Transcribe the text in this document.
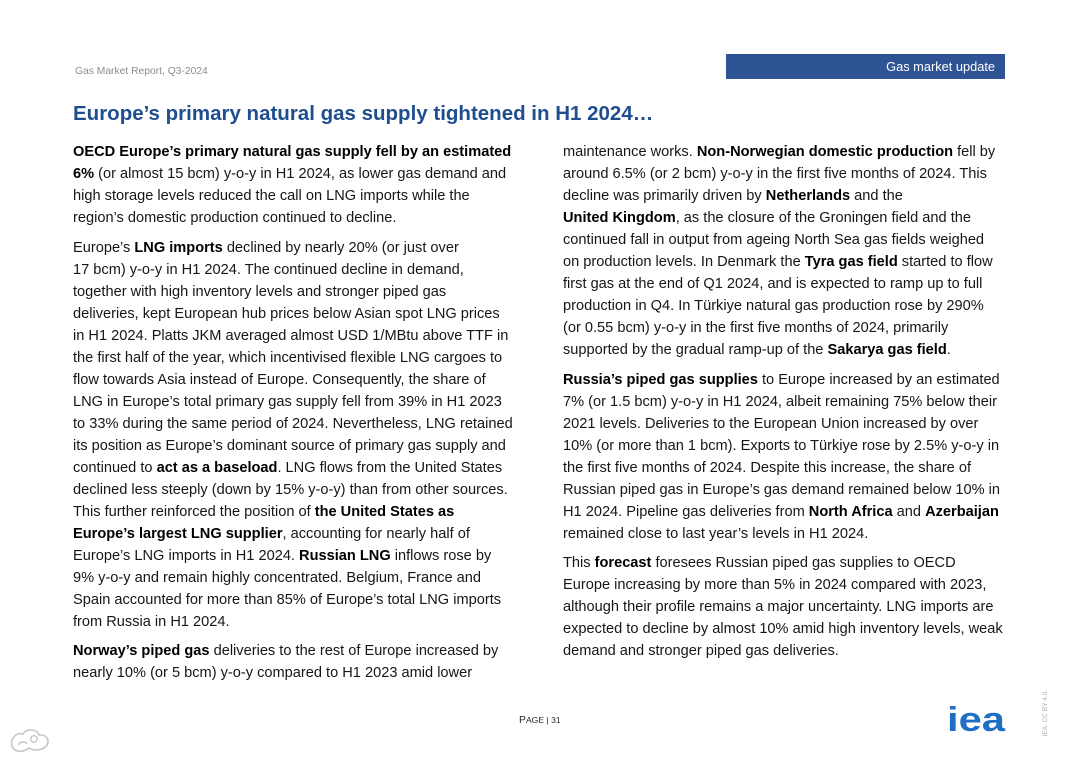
Gas Market Report, Q3-2024	Gas market update
Europe’s primary natural gas supply tightened in H1 2024…

OECD Europe’s primary natural gas supply fell by an estimated
6% (or almost 15 bcm) y-o-y in H1 2024, as lower gas demand and
high storage levels reduced the call on LNG imports while the
region’s domestic production continued to decline.

Europe’s LNG imports declined by nearly 20% (or just over
17 bcm) y-o-y in H1 2024. The continued decline in demand,
together with high inventory levels and stronger piped gas
deliveries, kept European hub prices below Asian spot LNG prices
in H1 2024. Platts JKM averaged almost USD 1/MBtu above TTF in
the first half of the year, which incentivised flexible LNG cargoes to
flow towards Asia instead of Europe. Consequently, the share of
LNG in Europe’s total primary gas supply fell from 39% in H1 2023
to 33% during the same period of 2024. Nevertheless, LNG retained
its position as Europe’s dominant source of primary gas supply and
continued to act as a baseload. LNG flows from the United States
declined less steeply (down by 15% y-o-y) than from other sources.
This further reinforced the position of the United States as
Europe’s largest LNG supplier, accounting for nearly half of
Europe’s LNG imports in H1 2024. Russian LNG inflows rose by
9% y-o-y and remain highly concentrated. Belgium, France and
Spain accounted for more than 85% of Europe’s total LNG imports
from Russia in H1 2024.

Norway’s piped gas deliveries to the rest of Europe increased by
nearly 10% (or 5 bcm) y-o-y compared to H1 2023 amid lower

maintenance works. Non-Norwegian domestic production fell by
around 6.5% (or 2 bcm) y-o-y in the first five months of 2024. This
decline was primarily driven by Netherlands and the
United Kingdom, as the closure of the Groningen field and the
continued fall in output from ageing North Sea gas fields weighed
on production levels. In Denmark the Tyra gas field started to flow
first gas at the end of Q1 2024, and is expected to ramp up to full
production in Q4. In Türkiye natural gas production rose by 290%
(or 0.55 bcm) y-o-y in the first five months of 2024, primarily
supported by the gradual ramp-up of the Sakarya gas field.

Russia’s piped gas supplies to Europe increased by an estimated
7% (or 1.5 bcm) y-o-y in H1 2024, albeit remaining 75% below their
2021 levels. Deliveries to the European Union increased by over
10% (or more than 1 bcm). Exports to Türkiye rose by 2.5% y-o-y in
the first five months of 2024. Despite this increase, the share of
Russian piped gas in Europe’s gas demand remained below 10% in
H1 2024. Pipeline gas deliveries from North Africa and Azerbaijan
remained close to last year’s levels in H1 2024.

This forecast foresees Russian piped gas supplies to OECD
Europe increasing by more than 5% in 2024 compared with 2023,
although their profile remains a major uncertainty. LNG imports are
expected to decline by almost 10% amid high inventory levels, weak
demand and stronger piped gas deliveries.

PAGE | 31	iea	IEA. CC BY 4.0.
